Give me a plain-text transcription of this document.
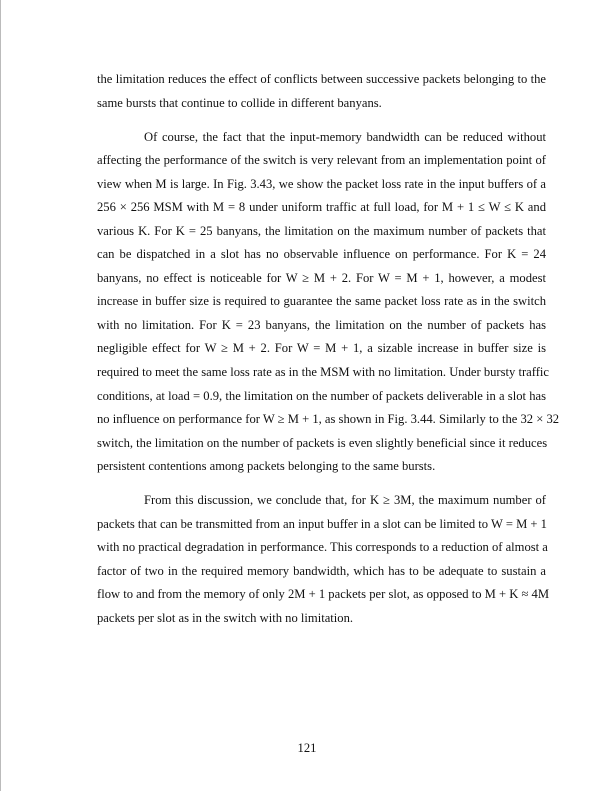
the limitation reduces the effect of conflicts between successive packets belonging to the
same bursts that continue to collide in different banyans.
Of course, the fact that the input-memory bandwidth can be reduced without
affecting the performance of the switch is very relevant from an implementation point of
view when M is large. In Fig. 3.43, we show the packet loss rate in the input buffers of a
256 × 256 MSM with M = 8 under uniform traffic at full load, for M + 1 ≤ W ≤ K and
various K. For K = 25 banyans, the limitation on the maximum number of packets that
can be dispatched in a slot has no observable influence on performance. For K = 24
banyans, no effect is noticeable for W ≥ M + 2. For W = M + 1, however, a modest
increase in buffer size is required to guarantee the same packet loss rate as in the switch
with no limitation. For K = 23 banyans, the limitation on the number of packets has
negligible effect for W ≥ M + 2. For W = M + 1, a sizable increase in buffer size is
required to meet the same loss rate as in the MSM with no limitation. Under bursty traffic
conditions, at load = 0.9, the limitation on the number of packets deliverable in a slot has
no influence on performance for W ≥ M + 1, as shown in Fig. 3.44. Similarly to the 32 × 32
switch, the limitation on the number of packets is even slightly beneficial since it reduces
persistent contentions among packets belonging to the same bursts.
From this discussion, we conclude that, for K ≥ 3M, the maximum number of
packets that can be transmitted from an input buffer in a slot can be limited to W = M + 1
with no practical degradation in performance. This corresponds to a reduction of almost a
factor of two in the required memory bandwidth, which has to be adequate to sustain a
flow to and from the memory of only 2M + 1 packets per slot, as opposed to M + K ≈ 4M
packets per slot as in the switch with no limitation.
121
